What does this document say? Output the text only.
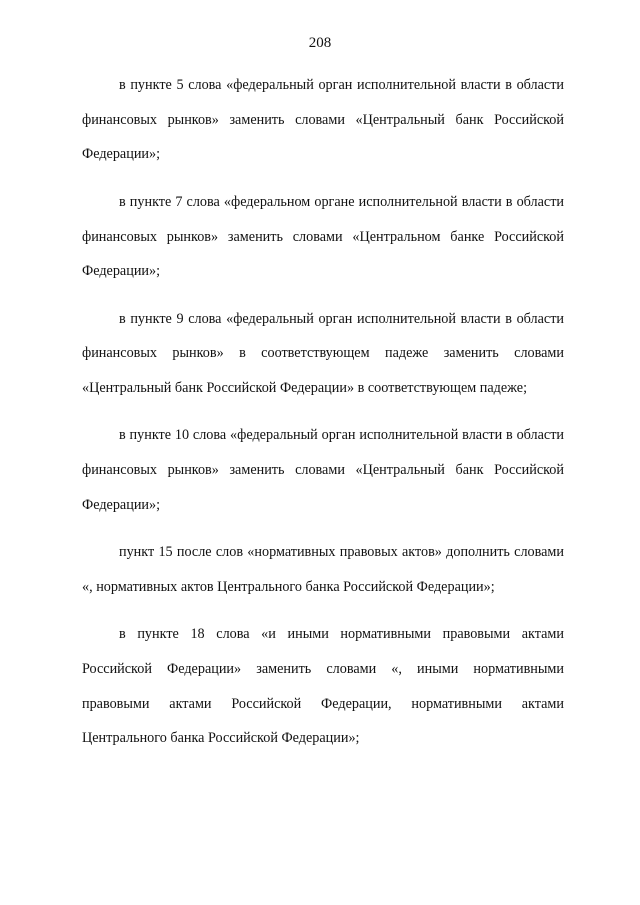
208

в пункте 5 слова «федеральный орган исполнительной власти в области финансовых рынков» заменить словами «Центральный банк Российской Федерации»;

в пункте 7 слова «федеральном органе исполнительной власти в области финансовых рынков» заменить словами «Центральном банке Российской Федерации»;

в пункте 9 слова «федеральный орган исполнительной власти в области финансовых рынков» в соответствующем падеже заменить словами «Центральный банк Российской Федерации» в соответствующем падеже;

в пункте 10 слова «федеральный орган исполнительной власти в области финансовых рынков» заменить словами «Центральный банк Российской Федерации»;

пункт 15 после слов «нормативных правовых актов» дополнить словами «, нормативных актов Центрального банка Российской Федерации»;

в пункте 18 слова «и иными нормативными правовыми актами Российской Федерации» заменить словами «, иными нормативными правовыми актами Российской Федерации, нормативными актами Центрального банка Российской Федерации»;
